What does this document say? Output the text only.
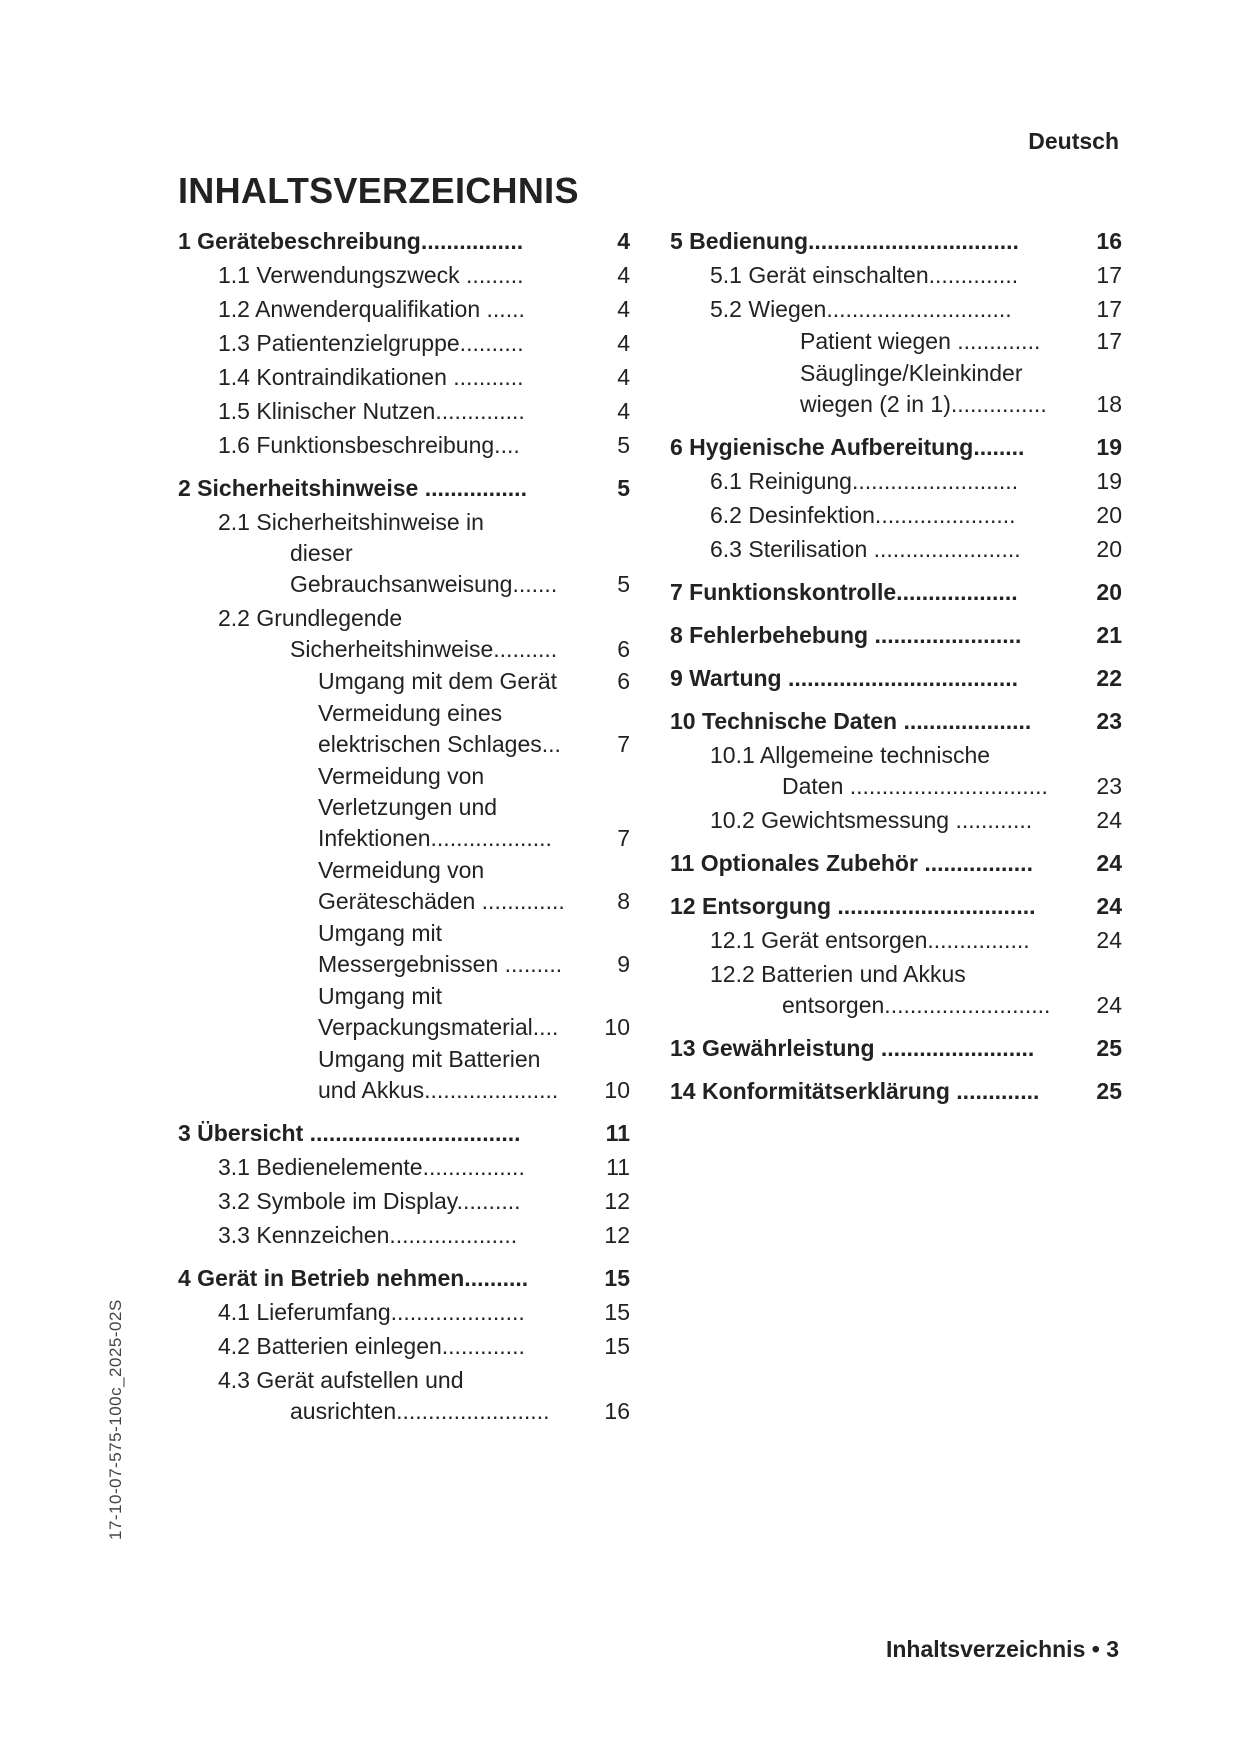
Deutsch
INHALTSVERZEICHNIS
1 Gerätebeschreibung................	4
1.1 Verwendungszweck .........	4
1.2 Anwenderqualifikation ......	4
1.3 Patientenzielgruppe..........	4
1.4 Kontraindikationen ...........	4
1.5 Klinischer Nutzen..............	4
1.6 Funktionsbeschreibung....	5
2 Sicherheitshinweise ................	5
2.1 Sicherheitshinweise in
dieser
Gebrauchsanweisung.......	5
2.2 Grundlegende
Sicherheitshinweise..........	6
Umgang mit dem Gerät	6
Vermeidung eines
elektrischen Schlages...	7
Vermeidung von
Verletzungen und
Infektionen...................	7
Vermeidung von
Geräteschäden .............	8
Umgang mit
Messergebnissen .........	9
Umgang mit
Verpackungsmaterial....	10
Umgang mit Batterien
und Akkus.....................	10
3 Übersicht .................................	11
3.1 Bedienelemente................	11
3.2 Symbole im Display..........	12
3.3 Kennzeichen....................	12
4 Gerät in Betrieb nehmen..........	15
4.1 Lieferumfang.....................	15
4.2 Batterien einlegen.............	15
4.3 Gerät aufstellen und
ausrichten........................	16
5 Bedienung.................................	16
5.1 Gerät einschalten..............	17
5.2 Wiegen.............................	17
Patient wiegen .............	17
Säuglinge/Kleinkinder
wiegen (2 in 1)...............	18
6 Hygienische Aufbereitung........	19
6.1 Reinigung..........................	19
6.2 Desinfektion......................	20
6.3 Sterilisation .......................	20
7 Funktionskontrolle...................	20
8 Fehlerbehebung .......................	21
9 Wartung ....................................	22
10 Technische Daten ....................	23
10.1 Allgemeine technische
Daten ...............................	23
10.2 Gewichtsmessung ............	24
11 Optionales Zubehör .................	24
12 Entsorgung ...............................	24
12.1 Gerät entsorgen................	24
12.2 Batterien und Akkus
entsorgen..........................	24
13 Gewährleistung ........................	25
14 Konformitätserklärung .............	25
17-10-07-575-100c_2025-02S
Inhaltsverzeichnis • 3
